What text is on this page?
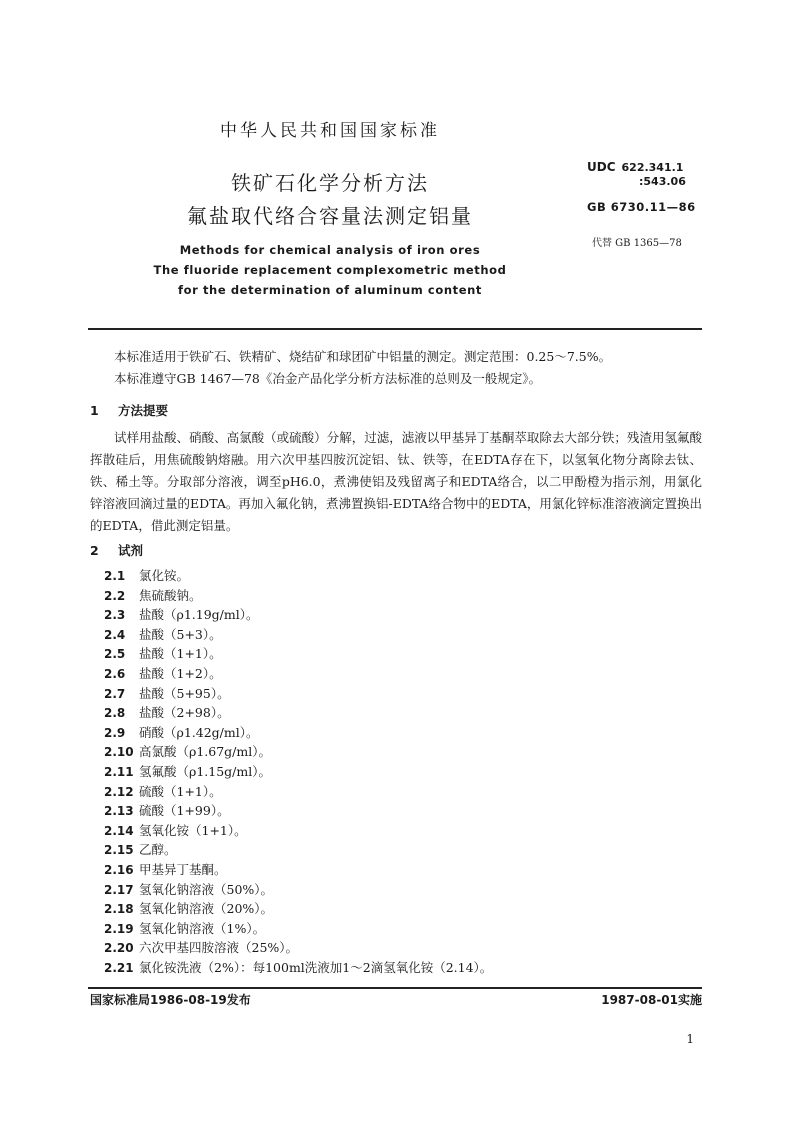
中华人民共和国国家标准
铁矿石化学分析方法
氟盐取代络合容量法测定铝量
Methods for chemical analysis of iron ores
The fluoride replacement complexometric method
for the determination of aluminum content
UDC 622.341.1
:543.06
GB 6730.11—86
代替 GB 1365—78
本标准适用于铁矿石、铁精矿、烧结矿和球团矿中铝量的测定。测定范围：0.25～7.5%。
本标准遵守GB 1467—78《冶金产品化学分析方法标准的总则及一般规定》。
1 方法提要
试样用盐酸、硝酸、高氯酸（或硫酸）分解，过滤，滤液以甲基异丁基酮萃取除去大部分铁；残渣用氢氟酸挥散硅后，用焦硫酸钠熔融。用六次甲基四胺沉淀铝、钛、铁等，在EDTA存在下，以氢氧化物分离除去钛、铁、稀土等。分取部分溶液，调至pH6.0，煮沸使铝及残留离子和EDTA络合，以二甲酚橙为指示剂，用氯化锌溶液回滴过量的EDTA。再加入氟化钠，煮沸置换铝-EDTA络合物中的EDTA，用氯化锌标准溶液滴定置换出的EDTA，借此测定铝量。
2 试剂
2.1 氯化铵。
2.2 焦硫酸钠。
2.3 盐酸（ρ1.19g/ml）。
2.4 盐酸（5+3）。
2.5 盐酸（1+1）。
2.6 盐酸（1+2）。
2.7 盐酸（5+95）。
2.8 盐酸（2+98）。
2.9 硝酸（ρ1.42g/ml）。
2.10 高氯酸（ρ1.67g/ml）。
2.11 氢氟酸（ρ1.15g/ml）。
2.12 硫酸（1+1）。
2.13 硫酸（1+99）。
2.14 氢氧化铵（1+1）。
2.15 乙醇。
2.16 甲基异丁基酮。
2.17 氢氧化钠溶液（50%）。
2.18 氢氧化钠溶液（20%）。
2.19 氢氧化钠溶液（1%）。
2.20 六次甲基四胺溶液（25%）。
2.21 氯化铵洗液（2%）：每100ml洗液加1～2滴氢氧化铵（2.14）。
国家标准局1986-08-19发布	1987-08-01实施
1
